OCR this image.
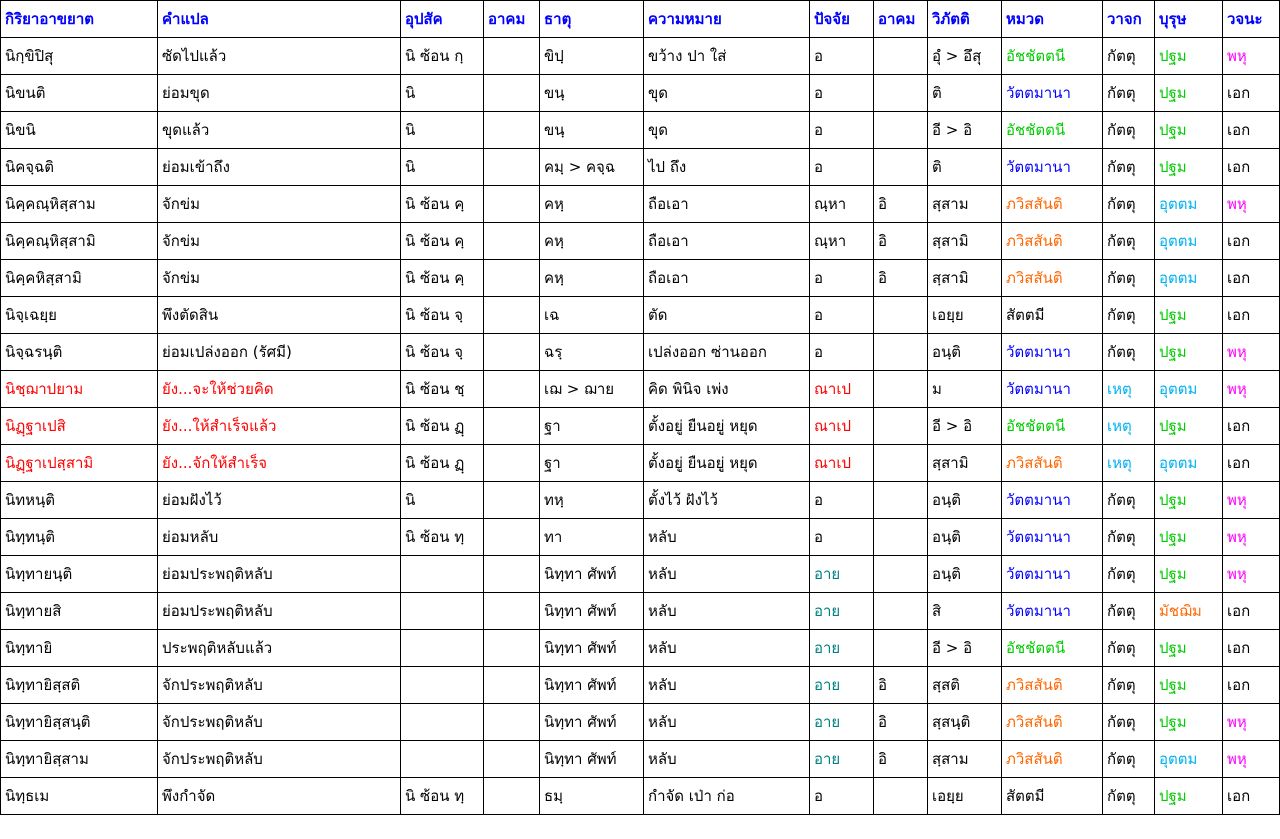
กิริยาอาขยาต	คำแปล	อุปสัค	อาคม	ธาตุ	ความหมาย	ปัจจัย	อาคม	วิภัตติ	หมวด	วาจก	บุรุษ	วจนะ
นิกฺขิปิสุ	ซัดไปแล้ว	นิ ซ้อน กฺ		ขิปฺ	ขว้าง ปา ใส่	อ		อุํ > อึสุ	อัชชัตตนี	กัตตุ	ปฐม	พหุ
นิขนติ	ย่อมขุด	นิ		ขนฺ	ขุด	อ		ติ	วัตตมานา	กัตตุ	ปฐม	เอก
นิขนิ	ขุดแล้ว	นิ		ขนฺ	ขุด	อ		อี > อิ	อัชชัตตนี	กัตตุ	ปฐม	เอก
นิคจฺฉติ	ย่อมเข้าถึง	นิ		คมฺ > คจฺฉ	ไป ถึง	อ		ติ	วัตตมานา	กัตตุ	ปฐม	เอก
นิคฺคณฺหิสฺสาม	จักข่ม	นิ ซ้อน คฺ		คหฺ	ถือเอา	ณฺหา	อิ	สฺสาม	ภวิสสันติ	กัตตุ	อุตตม	พหุ
นิคฺคณฺหิสฺสามิ	จักข่ม	นิ ซ้อน คฺ		คหฺ	ถือเอา	ณฺหา	อิ	สฺสามิ	ภวิสสันติ	กัตตุ	อุตตม	เอก
นิคฺคหิสฺสามิ	จักข่ม	นิ ซ้อน คฺ		คหฺ	ถือเอา	อ	อิ	สฺสามิ	ภวิสสันติ	กัตตุ	อุตตม	เอก
นิจฺเฉยฺย	พึงตัดสิน	นิ ซ้อน จฺ		เฉ	ตัด	อ		เอยฺย	สัตตมี	กัตตุ	ปฐม	เอก
นิจฺฉรนฺติ	ย่อมเปล่งออก (รัศมี)	นิ ซ้อน จฺ		ฉรฺ	เปล่งออก ซ่านออก	อ		อนฺติ	วัตตมานา	กัตตุ	ปฐม	พหุ
นิชฺฌาปยาม	ยัง...จะให้ช่วยคิด	นิ ซ้อน ชฺ		เฌ > ฌาย	คิด พินิจ เพ่ง	ณาเป		ม	วัตตมานา	เหตุ	อุตตม	พหุ
นิฏฺฐาเปสิ	ยัง...ให้สำเร็จแล้ว	นิ ซ้อน ฏฺ		ฐา	ตั้งอยู่ ยืนอยู่ หยุด	ณาเป		อี > อิ	อัชชัตตนี	เหตุ	ปฐม	เอก
นิฏฺฐาเปสฺสามิ	ยัง...จักให้สำเร็จ	นิ ซ้อน ฏฺ		ฐา	ตั้งอยู่ ยืนอยู่ หยุด	ณาเป		สฺสามิ	ภวิสสันติ	เหตุ	อุตตม	เอก
นิทหนฺติ	ย่อมฝังไว้	นิ		ทหฺ	ตั้งไว้ ฝังไว้	อ		อนฺติ	วัตตมานา	กัตตุ	ปฐม	พหุ
นิทฺทนฺติ	ย่อมหลับ	นิ ซ้อน ทฺ		ทา	หลับ	อ		อนฺติ	วัตตมานา	กัตตุ	ปฐม	พหุ
นิทฺทายนฺติ	ย่อมประพฤติหลับ			นิทฺทา ศัพท์	หลับ	อาย		อนฺติ	วัตตมานา	กัตตุ	ปฐม	พหุ
นิทฺทายสิ	ย่อมประพฤติหลับ			นิทฺทา ศัพท์	หลับ	อาย		สิ	วัตตมานา	กัตตุ	มัชฌิม	เอก
นิทฺทายิ	ประพฤติหลับแล้ว			นิทฺทา ศัพท์	หลับ	อาย		อี > อิ	อัชชัตตนี	กัตตุ	ปฐม	เอก
นิทฺทายิสฺสติ	จักประพฤติหลับ			นิทฺทา ศัพท์	หลับ	อาย	อิ	สฺสติ	ภวิสสันติ	กัตตุ	ปฐม	เอก
นิทฺทายิสฺสนฺติ	จักประพฤติหลับ			นิทฺทา ศัพท์	หลับ	อาย	อิ	สฺสนฺติ	ภวิสสันติ	กัตตุ	ปฐม	พหุ
นิทฺทายิสฺสาม	จักประพฤติหลับ			นิทฺทา ศัพท์	หลับ	อาย	อิ	สฺสาม	ภวิสสันติ	กัตตุ	อุตตม	พหุ
นิทฺธเม	พึงกำจัด	นิ ซ้อน ทฺ		ธมฺ	กำจัด เป่า ก่อ	อ		เอยฺย	สัตตมี	กัตตุ	ปฐม	เอก
